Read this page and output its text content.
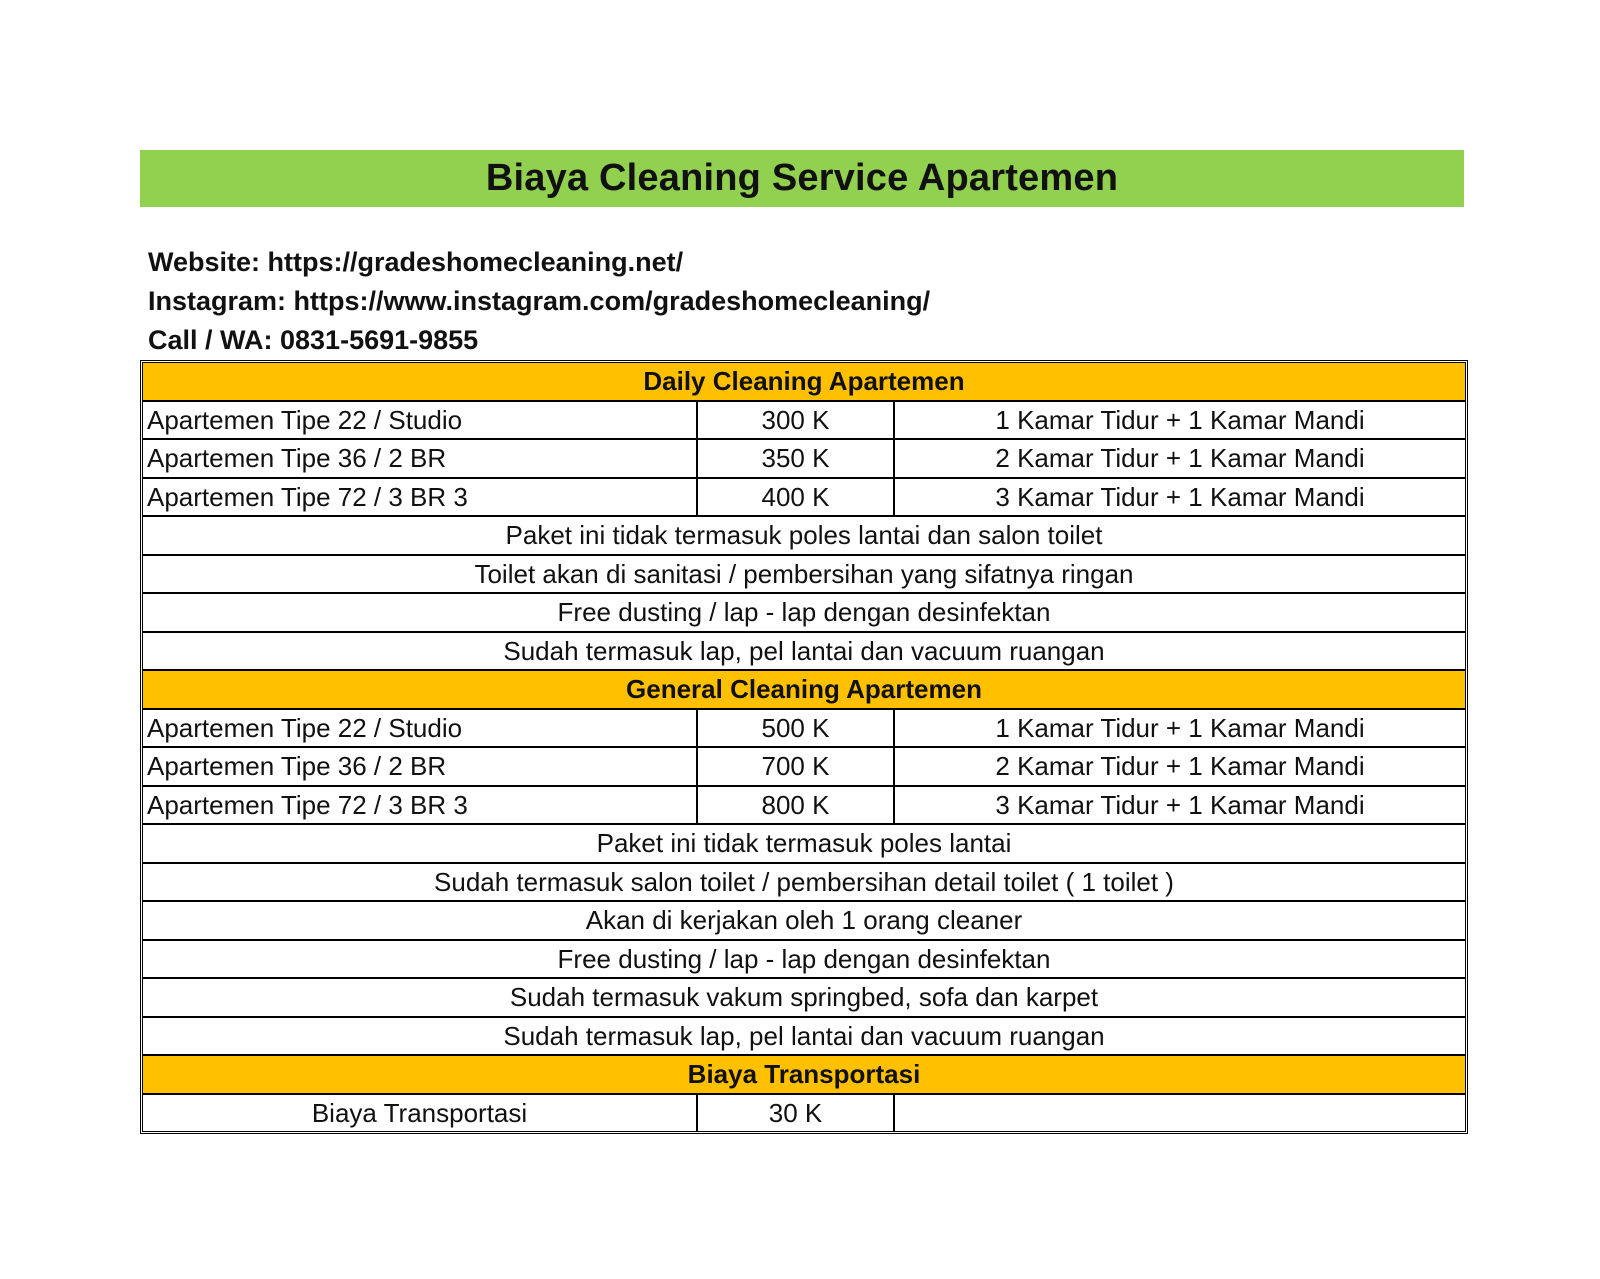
Biaya Cleaning Service Apartemen
Website: https://gradeshomecleaning.net/
Instagram: https://www.instagram.com/gradeshomecleaning/
Call / WA: 0831-5691-9855
Daily Cleaning Apartemen		
Apartemen Tipe 22 / Studio	300 K	1 Kamar Tidur + 1 Kamar Mandi
Apartemen Tipe 36 / 2 BR	350 K	2 Kamar Tidur + 1 Kamar Mandi
Apartemen Tipe 72 / 3 BR 3	400 K	3 Kamar Tidur + 1 Kamar Mandi
Paket ini tidak termasuk poles lantai dan salon toilet		
Toilet akan di sanitasi / pembersihan yang sifatnya ringan		
Free dusting / lap - lap dengan desinfektan		
Sudah termasuk lap, pel lantai dan vacuum ruangan		
General Cleaning Apartemen		
Apartemen Tipe 22 / Studio	500 K	1 Kamar Tidur + 1 Kamar Mandi
Apartemen Tipe 36 / 2 BR	700 K	2 Kamar Tidur + 1 Kamar Mandi
Apartemen Tipe 72 / 3 BR 3	800 K	3 Kamar Tidur + 1 Kamar Mandi
Paket ini tidak termasuk poles lantai		
Sudah termasuk salon toilet / pembersihan detail toilet ( 1 toilet )		
Akan di kerjakan oleh 1 orang cleaner		
Free dusting / lap - lap dengan desinfektan		
Sudah termasuk vakum springbed, sofa dan karpet		
Sudah termasuk lap, pel lantai dan vacuum ruangan		
Biaya Transportasi		
Biaya Transportasi	30 K	
